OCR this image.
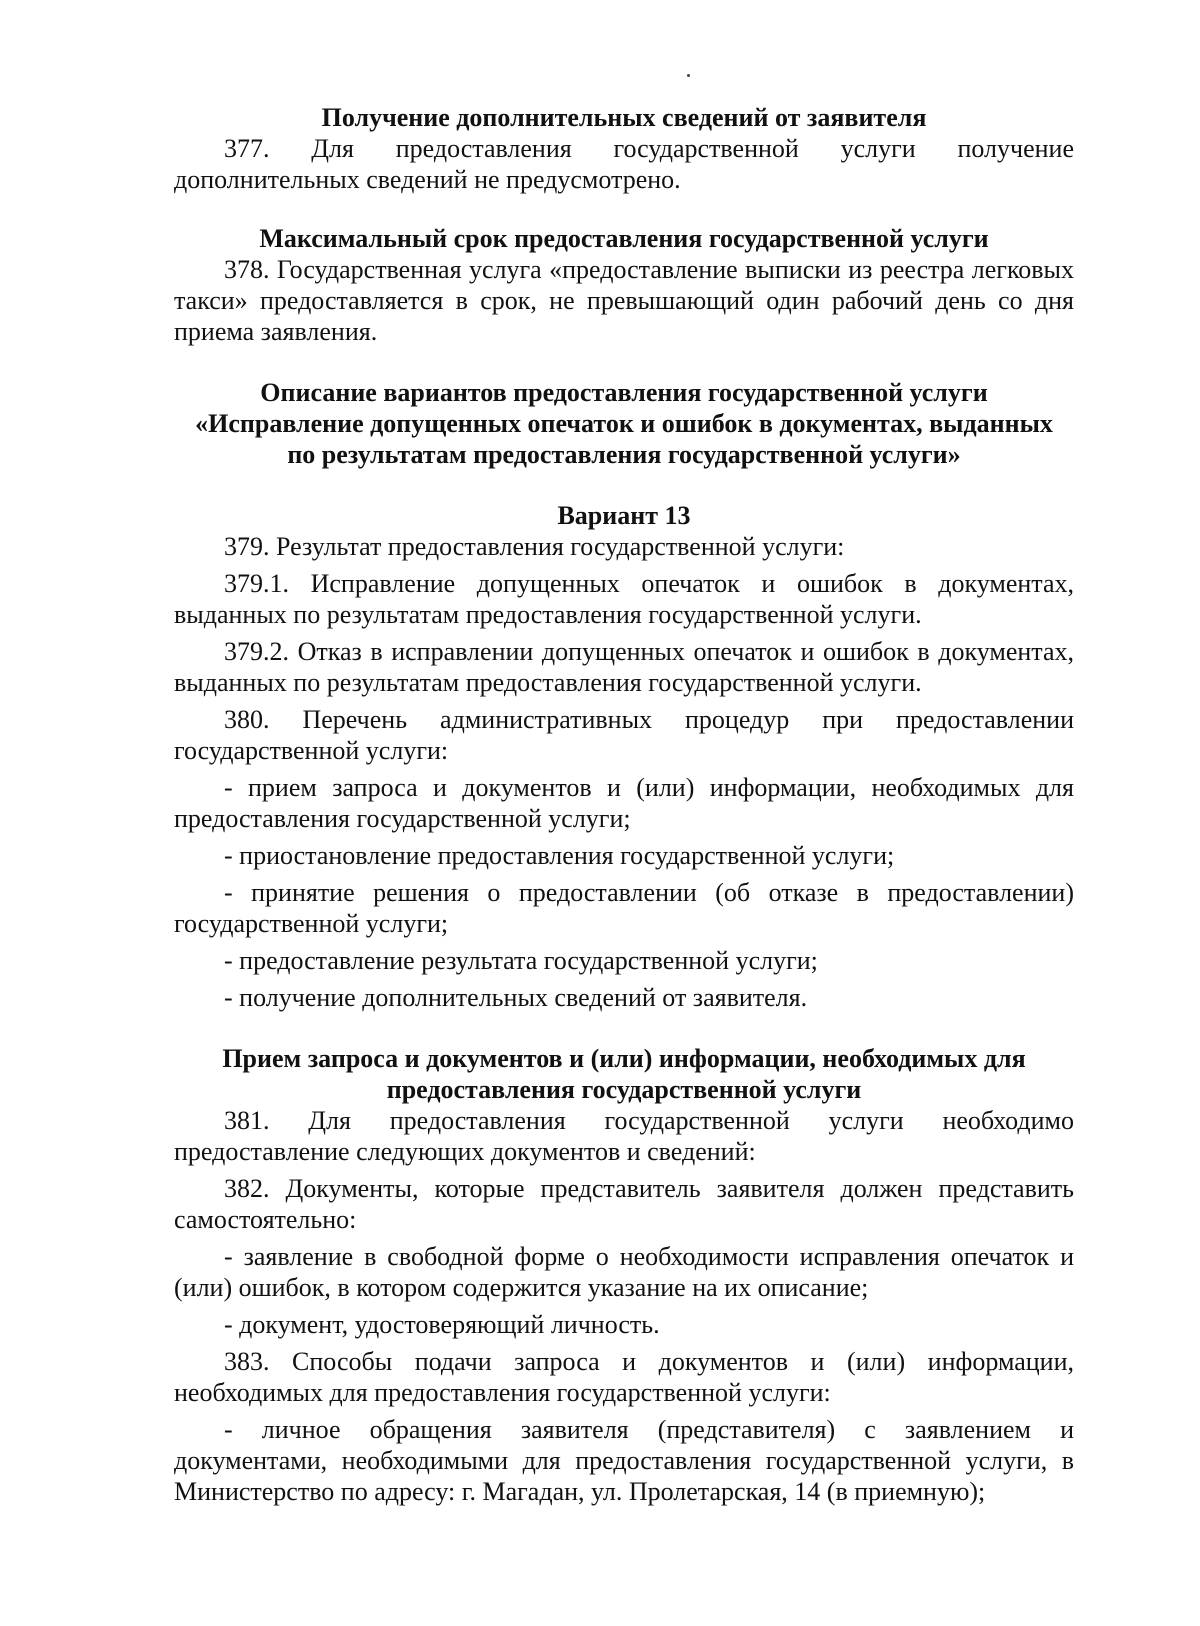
Получение дополнительных сведений от заявителя

377. Для предоставления государственной услуги получение дополнительных сведений не предусмотрено.

Максимальный срок предоставления государственной услуги

378. Государственная услуга «предоставление выписки из реестра легковых такси» предоставляется в срок, не превышающий один рабочий день со дня приема заявления.

Описание вариантов предоставления государственной услуги

«Исправление допущенных опечаток и ошибок в документах, выданных

по результатам предоставления государственной услуги»

Вариант 13

379. Результат предоставления государственной услуги:

379.1. Исправление допущенных опечаток и ошибок в документах, выданных по результатам предоставления государственной услуги.

379.2. Отказ в исправлении допущенных опечаток и ошибок в документах, выданных по результатам предоставления государственной услуги.

380. Перечень административных процедур при предоставлении государственной услуги:

- прием запроса и документов и (или) информации, необходимых для предоставления государственной услуги;

- приостановление предоставления государственной услуги;

- принятие решения о предоставлении (об отказе в предоставлении) государственной услуги;

- предоставление результата государственной услуги;

- получение дополнительных сведений от заявителя.

Прием запроса и документов и (или) информации, необходимых для

предоставления государственной услуги

381. Для предоставления государственной услуги необходимо предоставление следующих документов и сведений:

382. Документы, которые представитель заявителя должен представить самостоятельно:

- заявление в свободной форме о необходимости исправления опечаток и (или) ошибок, в котором содержится указание на их описание;

- документ, удостоверяющий личность.

383. Способы подачи запроса и документов и (или) информации, необходимых для предоставления государственной услуги:

- личное обращения заявителя (представителя) с заявлением и документами, необходимыми для предоставления государственной услуги, в Министерство по адресу: г. Магадан, ул. Пролетарская, 14 (в приемную);
